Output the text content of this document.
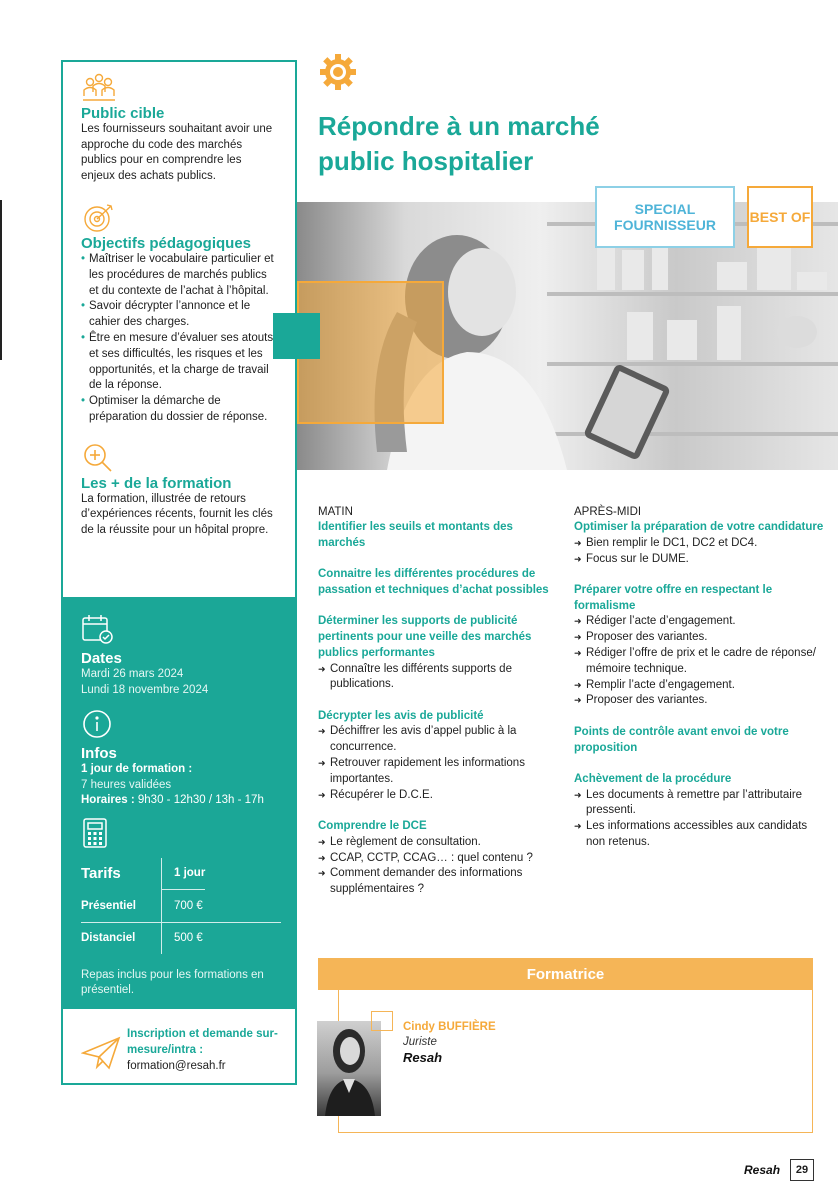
Public cible
Les fournisseurs souhaitant avoir une approche du code des marchés publics pour en comprendre les enjeux des achats publics.
Objectifs pédagogiques
• Maîtriser le vocabulaire particulier et les procédures de marchés publics et du contexte de l’achat à l’hôpital.
• Savoir décrypter l’annonce et le cahier des charges.
• Être en mesure d’évaluer ses atouts et ses difficultés, les risques et les opportunités, et la charge de travail de la réponse.
• Optimiser la démarche de préparation du dossier de réponse.
Les + de la formation
La formation, illustrée de retours d’expériences récents, fournit les clés de la réussite pour un hôpital propre.
Dates
Mardi 26 mars 2024
Lundi 18 novembre 2024
Infos
1 jour de formation :
7 heures validées
Horaires : 9h30 - 12h30 / 13h - 17h
Tarifs	1 jour
Présentiel	700 €
Distanciel	500 €
Repas inclus pour les formations en présentiel.
Inscription et demande sur-mesure/intra :
formation@resah.fr
Répondre à un marché public hospitalier
SPECIAL FOURNISSEUR	BEST OF
MATIN
Identifier les seuils et montants des marchés
Connaitre les différentes procédures de passation et techniques d’achat possibles
Déterminer les supports de publicité pertinents pour une veille des marchés publics performantes
➜ Connaître les différents supports de publications.
Décrypter les avis de publicité
➜ Déchiffrer les avis d’appel public à la concurrence.
➜ Retrouver rapidement les informations importantes.
➜ Récupérer le D.C.E.
Comprendre le DCE
➜ Le règlement de consultation.
➜ CCAP, CCTP, CCAG… : quel contenu ?
➜ Comment demander des informations supplémentaires ?
APRÈS-MIDI
Optimiser la préparation de votre candidature
➜ Bien remplir le DC1, DC2 et DC4.
➜ Focus sur le DUME.
Préparer votre offre en respectant le formalisme
➜ Rédiger l’acte d’engagement.
➜ Proposer des variantes.
➜ Rédiger l’offre de prix et le cadre de réponse/ mémoire technique.
➜ Remplir l’acte d’engagement.
➜ Proposer des variantes.
Points de contrôle avant envoi de votre proposition
Achèvement de la procédure
➜ Les documents à remettre par l’attributaire pressenti.
➜ Les informations accessibles aux candidats non retenus.
Formatrice
Cindy BUFFIÈRE
Juriste
Resah
Resah	29
